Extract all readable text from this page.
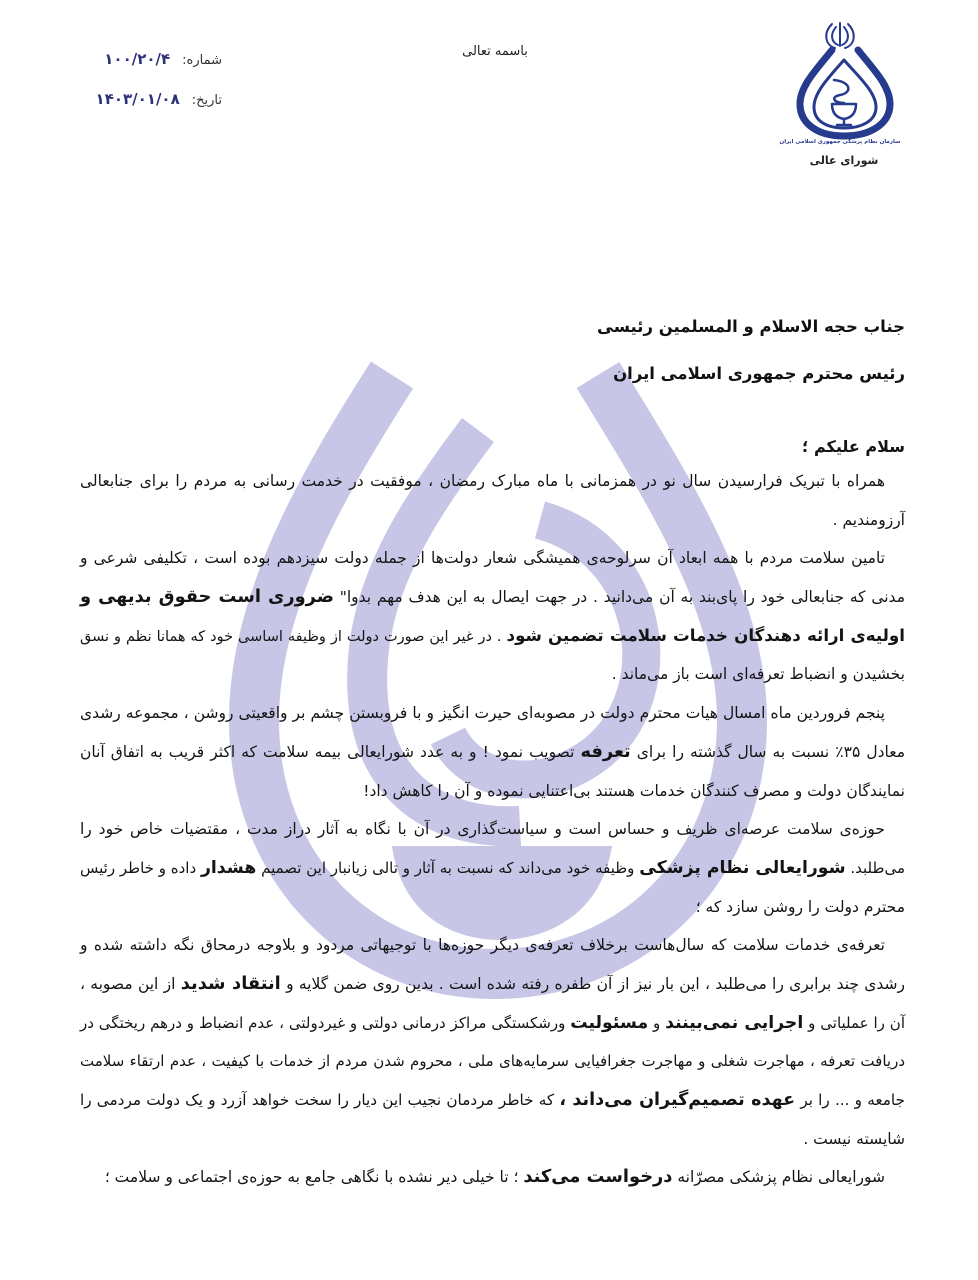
باسمه تعالی
شماره:
۱۰۰/۲۰/۴
تاریخ:
۱۴۰۳/۰۱/۰۸
سازمان نظام پزشکی جمهوری اسلامی ایران
شورای عالی
جناب حجه الاسلام و المسلمین رئیسی
رئیس محترم جمهوری اسلامی ایران
سلام علیکم ؛
همراه با تبریک فرارسیدن سال نو در همزمانی با ماه مبارک رمضان ، موفقیت در خدمت رسانی به مردم را برای جنابعالی
آرزومندیم .
تامین سلامت مردم با همه ابعاد آن سرلوحه‌ی همیشگی شعار دولت‌ها از جمله دولت سیزدهم بوده است ، تکلیفی شرعی و
مدنی که جنابعالی خود را پای‌بند به آن می‌دانید . در جهت ایصال به این هدف مهم بدوا" ضروری است حقوق بدیهی و
اولیه‌ی ارائه دهندگان خدمات سلامت تضمین شود . در غیر این صورت دولت از وظیفه اساسی خود که همانا نظم و نسق
بخشیدن و انضباط تعرفه‌ای است باز می‌ماند .
پنجم فروردین ماه امسال هیات محترم دولت در مصوبه‌ای حیرت انگیز و با فروبستن چشم بر واقعیتی روشن ، مجموعه رشدی
معادل ۳۵٪ نسبت به سال گذشته را برای تعرفه تصویب نمود ! و به عدد شورایعالی بیمه سلامت که اکثر قریب به اتفاق آنان
نمایندگان دولت و مصرف کنندگان خدمات هستند بی‌اعتنایی نموده و آن را کاهش داد!
حوزه‌ی سلامت عرصه‌ای ظریف و حساس است و سیاست‌گذاری در آن با نگاه به آثار دراز مدت ، مقتضیات خاص خود را
می‌طلبد. شورایعالی نظام پزشکی وظیفه خود می‌داند که نسبت به آثار و تالی زیانبار این تصمیم هشدار داده و خاطر رئیس
محترم دولت را روشن سازد که ؛
تعرفه‌ی خدمات سلامت که سال‌هاست برخلاف تعرفه‌ی دیگر حوزه‌ها با توجیهاتی مردود و بلاوجه درمحاق نگه داشته شده و
رشدی چند برابری را می‌طلبد ، این بار نیز از آن طفره رفته شده است . بدین روی ضمن گلایه و انتقاد شدید از این مصوبه ،
آن را عملیاتی و اجرایی نمی‌بینند و مسئولیت ورشکستگی مراکز درمانی دولتی و غیردولتی ، عدم انضباط و درهم ریختگی در
دریافت تعرفه ، مهاجرت شغلی و مهاجرت جغرافیایی سرمایه‌های ملی ، محروم شدن مردم از خدمات با کیفیت ، عدم ارتقاء سلامت
جامعه و ... را بر عهده تصمیم‌گیران می‌داند ، که خاطر مردمان نجیب این دیار را سخت خواهد آزرد و یک دولت مردمی را
شایسته نیست .
شورایعالی نظام پزشکی مصرّانه درخواست می‌کند ؛ تا خیلی دیر نشده با نگاهی جامع به حوزه‌ی اجتماعی و سلامت ؛
